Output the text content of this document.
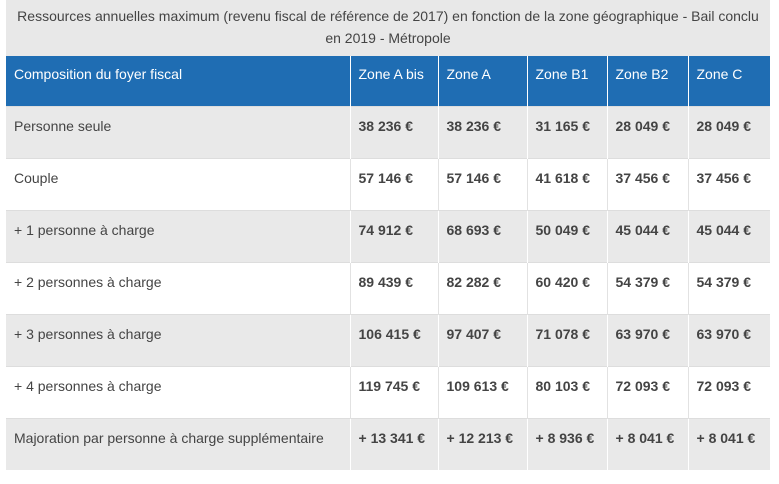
Ressources annuelles maximum (revenu fiscal de référence de 2017) en fonction de la zone géographique - Bail conclu en 2019 - Métropole
Composition du foyer fiscal	Zone A bis	Zone A	Zone B1	Zone B2	Zone C
Personne seule	38 236 €	38 236 €	31 165 €	28 049 €	28 049 €
Couple	57 146 €	57 146 €	41 618 €	37 456 €	37 456 €
+ 1 personne à charge	74 912 €	68 693 €	50 049 €	45 044 €	45 044 €
+ 2 personnes à charge	89 439 €	82 282 €	60 420 €	54 379 €	54 379 €
+ 3 personnes à charge	106 415 €	97 407 €	71 078 €	63 970 €	63 970 €
+ 4 personnes à charge	119 745 €	109 613 €	80 103 €	72 093 €	72 093 €
Majoration par personne à charge supplémentaire	+ 13 341 €	+ 12 213 €	+ 8 936 €	+ 8 041 €	+ 8 041 €
